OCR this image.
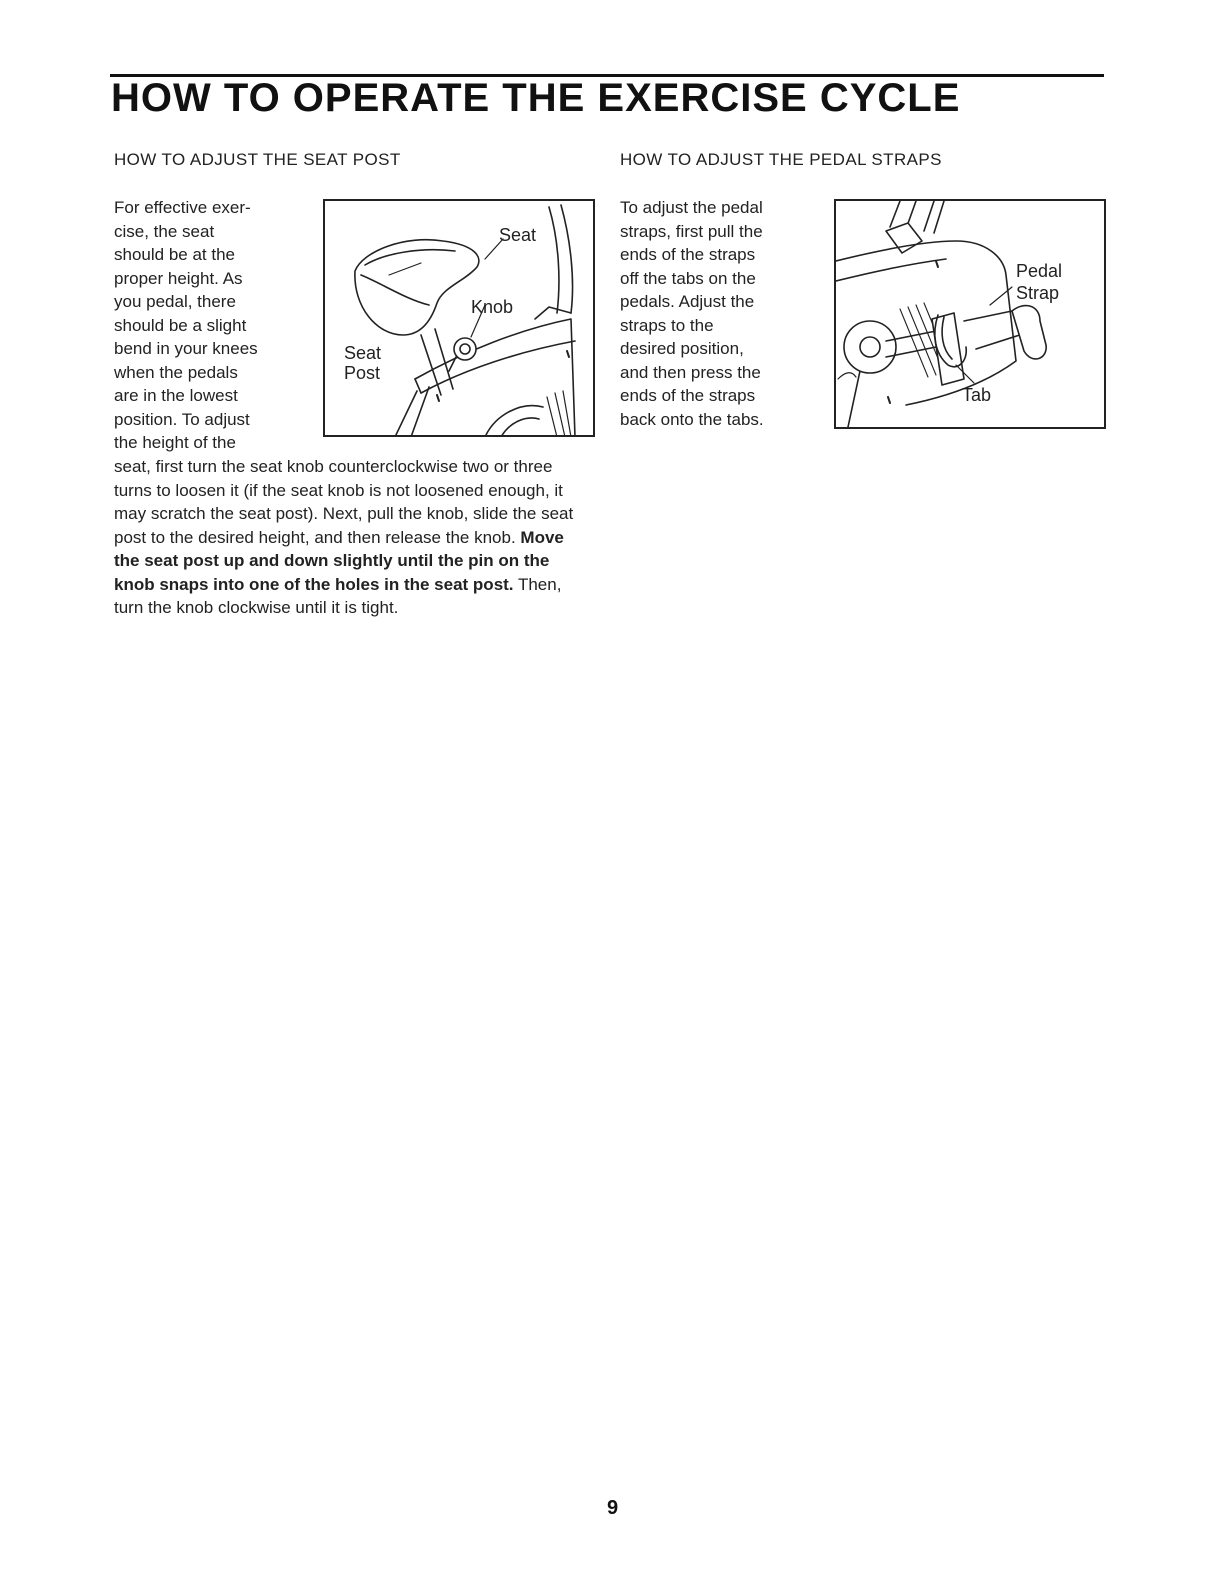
HOW TO OPERATE THE EXERCISE CYCLE
HOW TO ADJUST THE SEAT POST
For effective exer-
cise, the seat
should be at the
proper height. As
you pedal, there
should be a slight
bend in your knees
when the pedals
are in the lowest
position. To adjust
the height of the

seat, first turn the seat knob counterclockwise two or three turns to loosen it (if the seat knob is not loosened enough, it may scratch the seat post). Next, pull the knob, slide the seat post to the desired height, and then release the knob. Move the seat post up and down slightly until the pin on the knob snaps into one of the holes in the seat post. Then, turn the knob clockwise until it is tight.

Seat
Knob
Seat
Post
HOW TO ADJUST THE PEDAL STRAPS
To adjust the pedal
straps, first pull the
ends of the straps
off the tabs on the
pedals. Adjust the
straps to the
desired position,
and then press the
ends of the straps
back onto the tabs.
Pedal
Strap
Tab
9
